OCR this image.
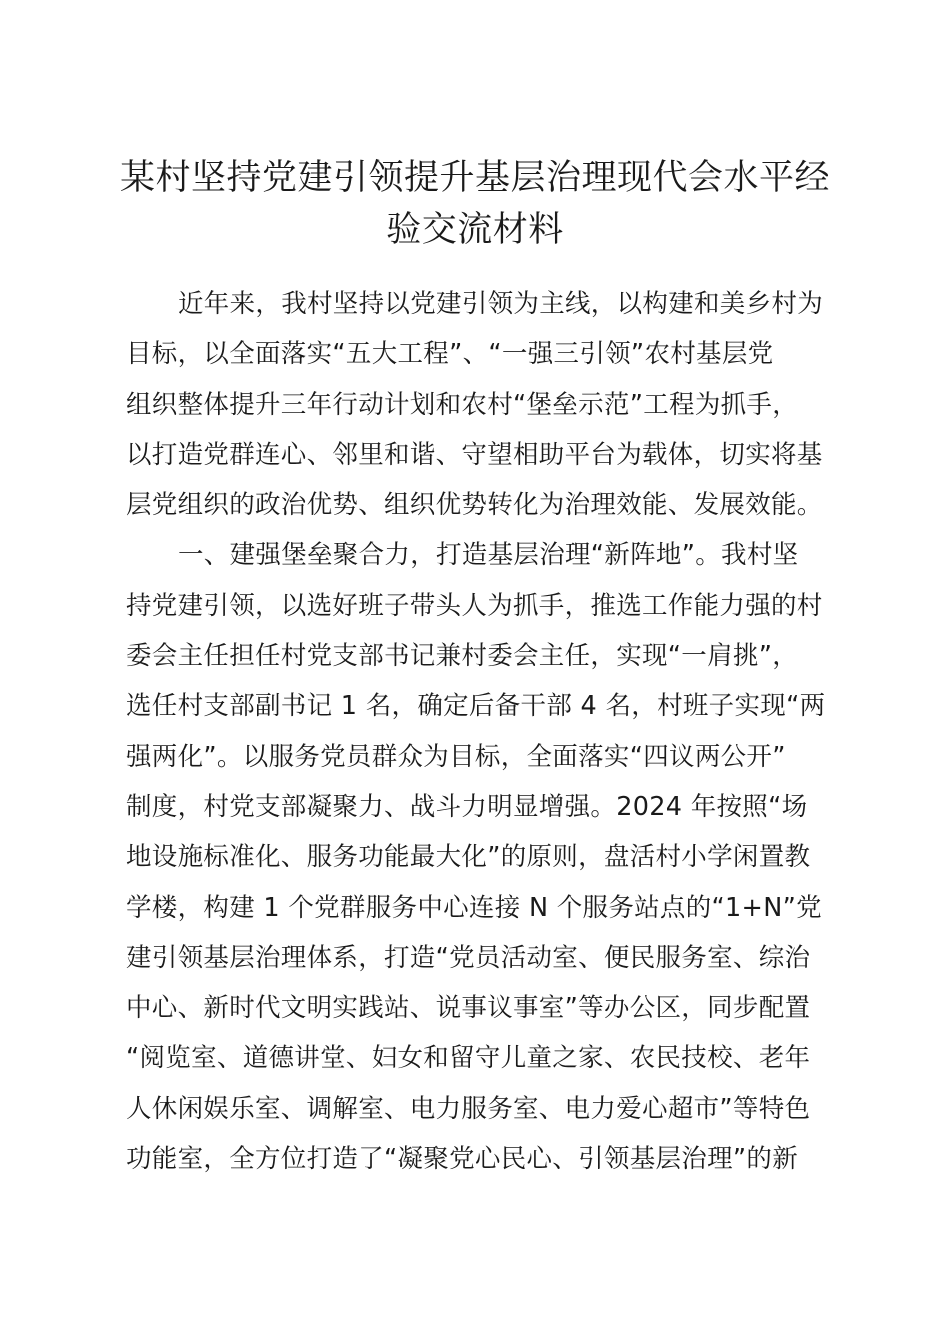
某村坚持党建引领提升基层治理现代会水平经
验交流材料
近年来，我村坚持以党建引领为主线，以构建和美乡村为
目标，以全面落实“五大工程”、“一强三引领”农村基层党
组织整体提升三年行动计划和农村“堡垒示范”工程为抓手，
以打造党群连心、邻里和谐、守望相助平台为载体，切实将基
层党组织的政治优势、组织优势转化为治理效能、发展效能。
一、建强堡垒聚合力，打造基层治理“新阵地”。我村坚
持党建引领，以选好班子带头人为抓手，推选工作能力强的村
委会主任担任村党支部书记兼村委会主任，实现“一肩挑”，
选任村支部副书记 1 名，确定后备干部 4 名，村班子实现“两
强两化”。以服务党员群众为目标，全面落实“四议两公开”
制度，村党支部凝聚力、战斗力明显增强。2024 年按照“场
地设施标准化、服务功能最大化”的原则，盘活村小学闲置教
学楼，构建 1 个党群服务中心连接 N 个服务站点的“1+N”党
建引领基层治理体系，打造“党员活动室、便民服务室、综治
中心、新时代文明实践站、说事议事室”等办公区，同步配置
“阅览室、道德讲堂、妇女和留守儿童之家、农民技校、老年
人休闲娱乐室、调解室、电力服务室、电力爱心超市”等特色
功能室，全方位打造了“凝聚党心民心、引领基层治理”的新
